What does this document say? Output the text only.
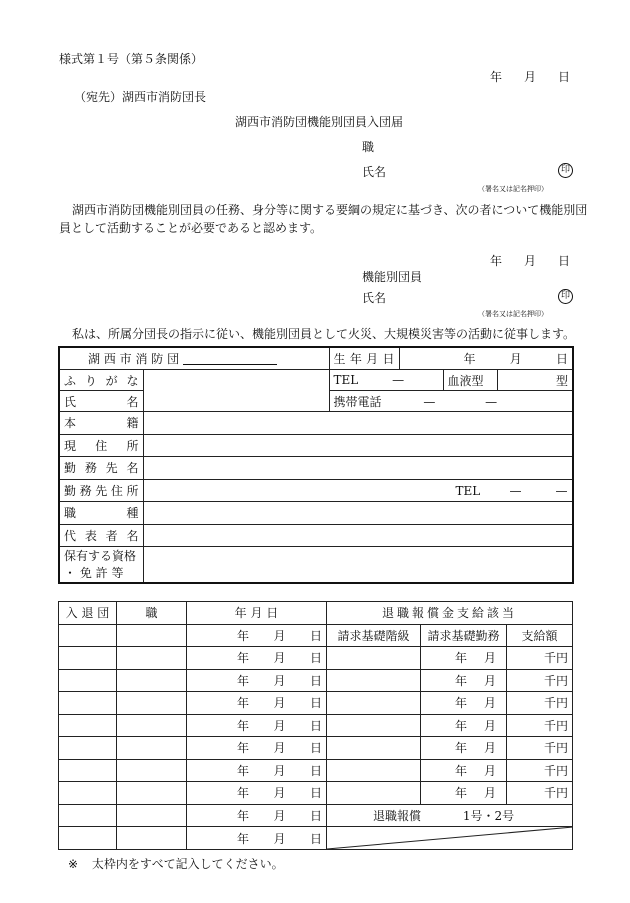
様式第１号（第５条関係）
年 月 日
（宛先）湖西市消防団長
湖西市消防団機能別団員入団届
職
氏名	印
（署名又は記名押印）
湖西市消防団機能別団員の任務、身分等に関する要綱の規定に基づき、次の者について機能別団
員として活動することが必要であると認めます。
年 月 日
機能別団員
氏名	印
（署名又は記名押印）
私は、所属分団長の指示に従い、機能別団員として火災、大規模災害等の活動に従事します。
湖 西 市 消 防 団		生年月日	年 月 日		

ふりがな		TEL —		血液型	型
氏名		携帯電話 — —			
本籍					
現住所					
勤務先名					
勤務先住所	TEL — —				

職種					
代表者名					

保有する資格
・ 免 許 等					

入 退 団	職	年 月 日	退職報償金支給該当		

		年 月 日	請求基礎階級	請求基礎勤務	支給額

		年 月 日		年 月	千円

		年 月 日		年 月	千円

		年 月 日		年 月	千円

		年 月 日		年 月	千円

		年 月 日		年 月	千円

		年 月 日		年 月	千円

		年 月 日		年 月	千円

		年 月 日	退職報償 1号・2号		

		年 月 日

※ 太枠内をすべて記入してください。
